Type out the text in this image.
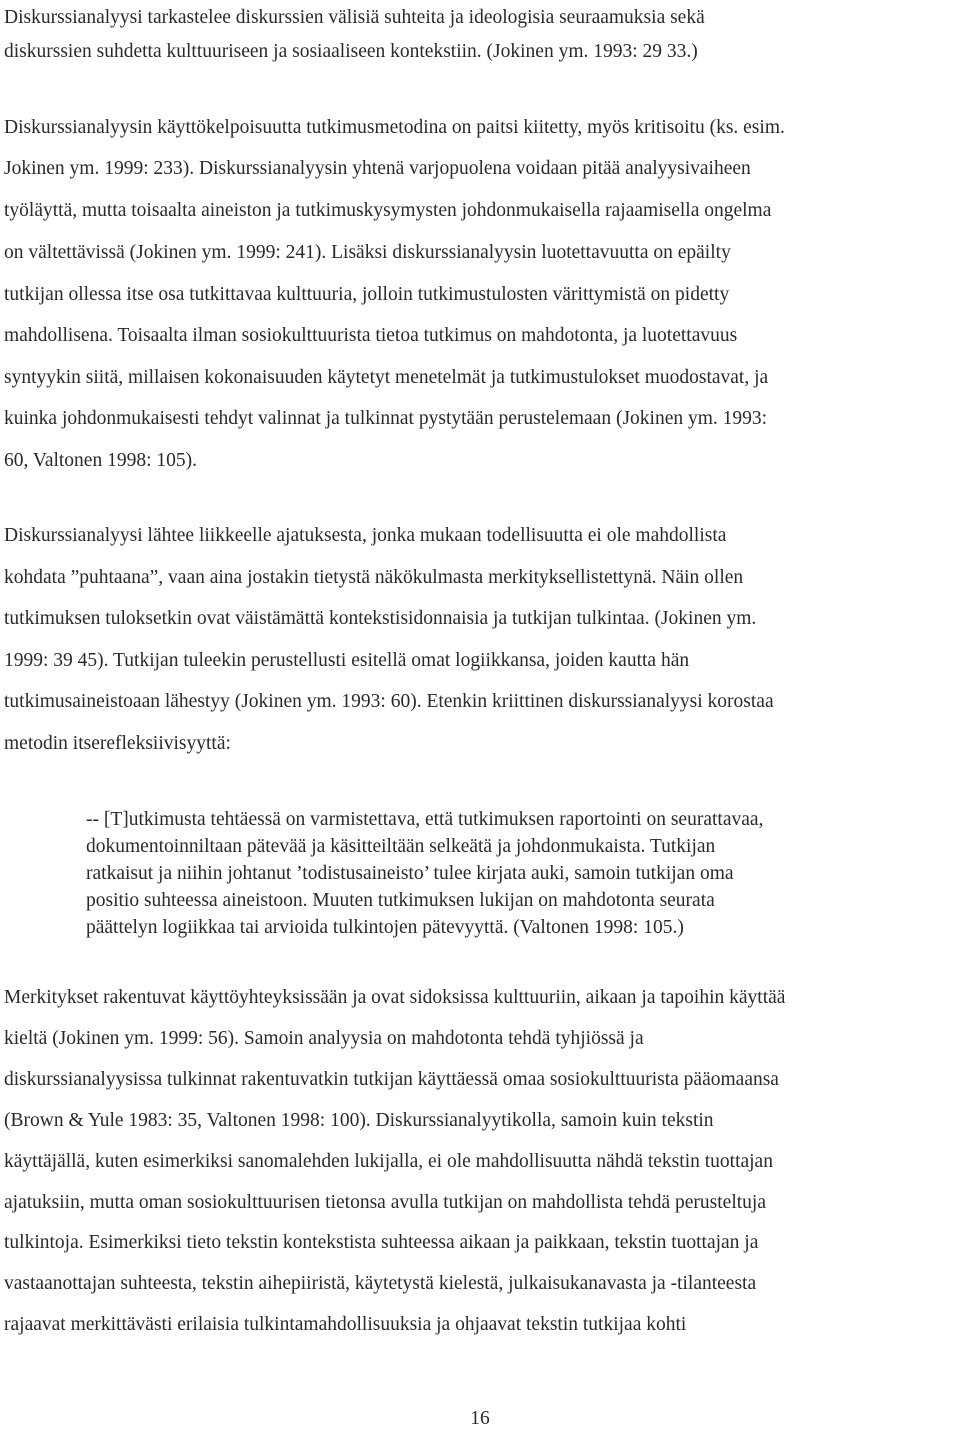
Diskurssianalyysi tarkastelee diskurssien välisiä suhteita ja ideologisia seuraamuksia sekä
diskurssien suhdetta kulttuuriseen ja sosiaaliseen kontekstiin. (Jokinen ym. 1993: 29 33.)
Diskurssianalyysin käyttökelpoisuutta tutkimusmetodina on paitsi kiitetty, myös kritisoitu (ks. esim.
Jokinen ym. 1999: 233). Diskurssianalyysin yhtenä varjopuolena voidaan pitää analyysivaiheen
työläyttä, mutta toisaalta aineiston ja tutkimuskysymysten johdonmukaisella rajaamisella ongelma
on vältettävissä (Jokinen ym. 1999: 241). Lisäksi diskurssianalyysin luotettavuutta on epäilty
tutkijan ollessa itse osa tutkittavaa kulttuuria, jolloin tutkimustulosten värittymistä on pidetty
mahdollisena. Toisaalta ilman sosiokulttuurista tietoa tutkimus on mahdotonta, ja luotettavuus
syntyykin siitä, millaisen kokonaisuuden käytetyt menetelmät ja tutkimustulokset muodostavat, ja
kuinka johdonmukaisesti tehdyt valinnat ja tulkinnat pystytään perustelemaan (Jokinen ym. 1993:
60, Valtonen 1998: 105).
Diskurssianalyysi lähtee liikkeelle ajatuksesta, jonka mukaan todellisuutta ei ole mahdollista
kohdata ”puhtaana”, vaan aina jostakin tietystä näkökulmasta merkityksellistettynä. Näin ollen
tutkimuksen tuloksetkin ovat väistämättä kontekstisidonnaisia ja tutkijan tulkintaa. (Jokinen ym.
1999: 39 45). Tutkijan tuleekin perustellusti esitellä omat logiikkansa, joiden kautta hän
tutkimusaineistoaan lähestyy (Jokinen ym. 1993: 60). Etenkin kriittinen diskurssianalyysi korostaa
metodin itserefleksiivisyyttä:
-- [T]utkimusta tehtäessä on varmistettava, että tutkimuksen raportointi on seurattavaa,
dokumentoinniltaan pätevää ja käsitteiltään selkeätä ja johdonmukaista. Tutkijan
ratkaisut ja niihin johtanut ’todistusaineisto’ tulee kirjata auki, samoin tutkijan oma
positio suhteessa aineistoon. Muuten tutkimuksen lukijan on mahdotonta seurata
päättelyn logiikkaa tai arvioida tulkintojen pätevyyttä. (Valtonen 1998: 105.)
Merkitykset rakentuvat käyttöyhteyksissään ja ovat sidoksissa kulttuuriin, aikaan ja tapoihin käyttää
kieltä (Jokinen ym. 1999: 56). Samoin analyysia on mahdotonta tehdä tyhjiössä ja
diskurssianalyysissa tulkinnat rakentuvatkin tutkijan käyttäessä omaa sosiokulttuurista pääomaansa
(Brown & Yule 1983: 35, Valtonen 1998: 100). Diskurssianalyytikolla, samoin kuin tekstin
käyttäjällä, kuten esimerkiksi sanomalehden lukijalla, ei ole mahdollisuutta nähdä tekstin tuottajan
ajatuksiin, mutta oman sosiokulttuurisen tietonsa avulla tutkijan on mahdollista tehdä perusteltuja
tulkintoja. Esimerkiksi tieto tekstin kontekstista suhteessa aikaan ja paikkaan, tekstin tuottajan ja
vastaanottajan suhteesta, tekstin aihepiiristä, käytetystä kielestä, julkaisukanavasta ja -tilanteesta
rajaavat merkittävästi erilaisia tulkintamahdollisuuksia ja ohjaavat tekstin tutkijaa kohti
16
